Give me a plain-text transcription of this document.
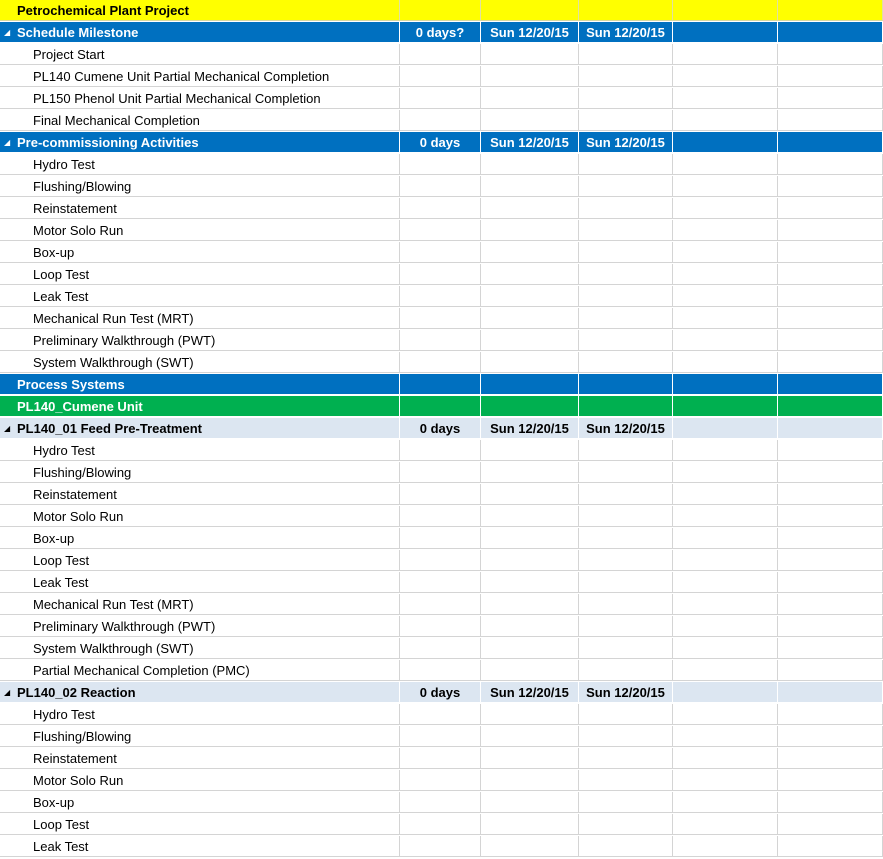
Petrochemical Plant Project
◢ Schedule Milestone	0 days?	Sun 12/20/15	Sun 12/20/15
Project Start
PL140 Cumene Unit Partial Mechanical Completion
PL150 Phenol Unit Partial Mechanical Completion
Final Mechanical Completion
◢ Pre-commissioning Activities	0 days	Sun 12/20/15	Sun 12/20/15
Hydro Test
Flushing/Blowing
Reinstatement
Motor Solo Run
Box-up
Loop Test
Leak Test
Mechanical Run Test (MRT)
Preliminary Walkthrough (PWT)
System Walkthrough (SWT)
Process Systems
PL140_Cumene Unit
◢ PL140_01 Feed Pre-Treatment	0 days	Sun 12/20/15	Sun 12/20/15
Hydro Test
Flushing/Blowing
Reinstatement
Motor Solo Run
Box-up
Loop Test
Leak Test
Mechanical Run Test (MRT)
Preliminary Walkthrough (PWT)
System Walkthrough (SWT)
Partial Mechanical Completion (PMC)
◢ PL140_02 Reaction	0 days	Sun 12/20/15	Sun 12/20/15
Hydro Test
Flushing/Blowing
Reinstatement
Motor Solo Run
Box-up
Loop Test
Leak Test
